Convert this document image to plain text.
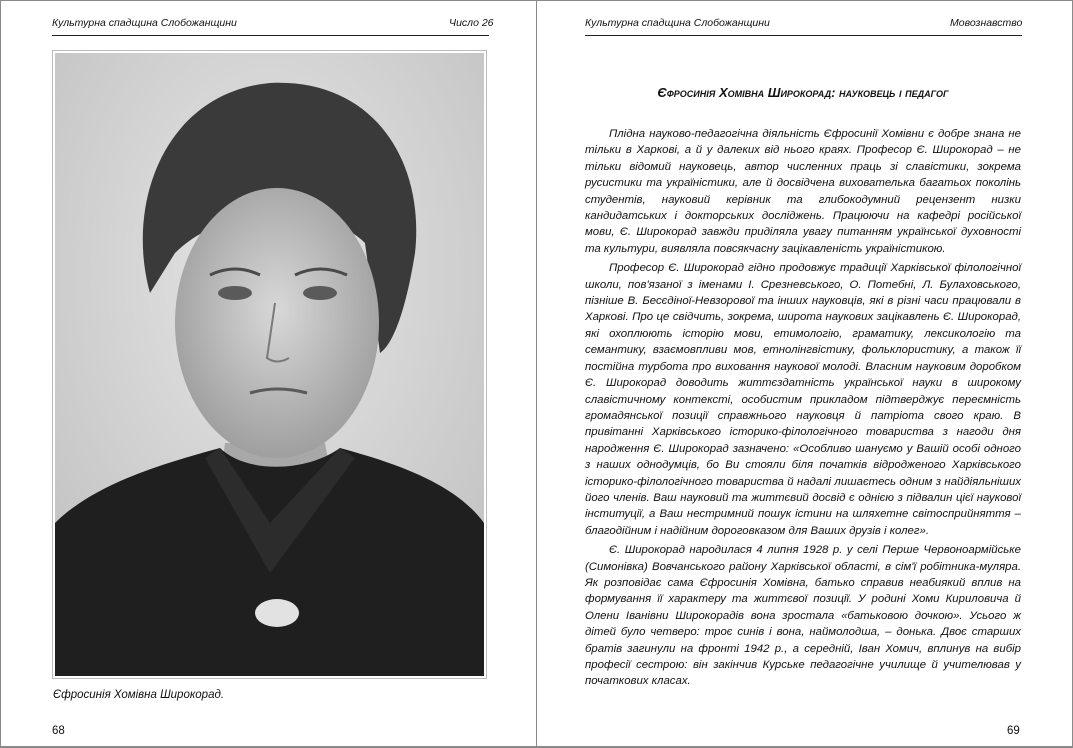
Культурна спадщина Слобожанщини	Число 26
Єфросинія Хомівна Широкорад.
68
Культурна спадщина Слобожанщини	Мовознавство
Єфросинія Хомівна Широкорад: науковець і педагог

Плідна науково-педагогічна діяльність Єфросинії Хомівни є добре знана не тільки в Харкові, а й у далеких від нього краях. Професор Є. Широкорад – не тільки відомий науковець, автор численних праць зі славістики, зокрема русистики та україністики, але й досвідчена вихователька багатьох поколінь студентів, науковий керівник та глибокодумний рецензент низки кандидатських і докторських досліджень. Працюючи на кафедрі російської мови, Є. Широкорад завжди приділяла увагу питанням української духовності та культури, виявляла повсякчасну зацікавленість україністикою.

Професор Є. Широкорад гідно продовжує традиції Харківської філологічної школи, пов'язаної з іменами І. Срезневського, О. Потебні, Л. Булаховського, пізніше В. Бесєдіної-Невзорової та інших науковців, які в різні часи працювали в Харкові. Про це свідчить, зокрема, широта наукових зацікавлень Є. Широкорад, які охоплюють історію мови, етимологію, граматику, лексикологію та семантику, взаємовпливи мов, етнолінгвістику, фольклористику, а також її постійна турбота про виховання наукової молоді. Власним науковим доробком Є. Широкорад доводить життєздатність української науки в широкому славістичному контексті, особистим прикладом підтверджує переємність громадянської позиції справжнього науковця й патріота свого краю. В привітанні Харківського історико-філологічного товариства з нагоди дня народження Є. Широкорад зазначено: «Особливо шануємо у Вашій особі одного з наших однодумців, бо Ви стояли біля початків відродженого Харківського історико-філологічного товариства й надалі лишаєтесь одним з найдіяльніших його членів. Ваш науковий та життєвий досвід є однією з підвалин цієї наукової інституції, а Ваш нестримний пошук істини на шляхетне світосприйняття – благодійним і надійним дороговказом для Ваших друзів і колег».

Є. Широкорад народилася 4 липня 1928 р. у селі Перше Червоноармійське (Симонівка) Вовчанського району Харківської області, в сім'ї робітника-муляра. Як розповідає сама Єфросинія Хомівна, батько справив неабиякий вплив на формування її характеру та життєвої позиції. У родині Хоми Кириловича й Олени Іванівни Широкорадів вона зростала «батьковою дочкою». Усього ж дітей було четверо: троє синів і вона, наймолодша, – донька. Двоє старших братів загинули на фронті 1942 р., а середній, Іван Хомич, вплинув на вибір професії сестрою: він закінчив Курське педагогічне училище й учителював у початкових класах.

69
